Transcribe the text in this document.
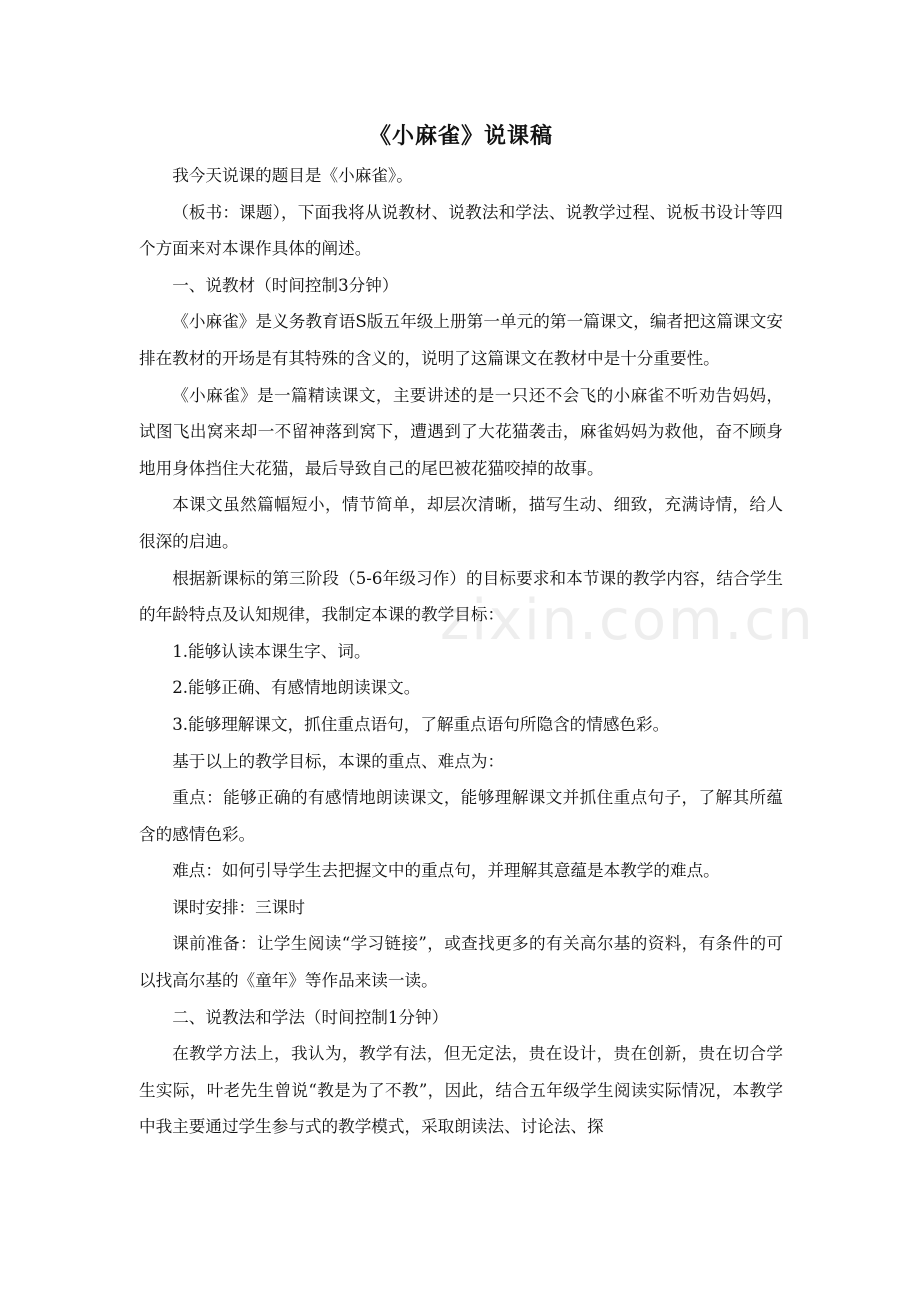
《小麻雀》说课稿

我今天说课的题目是《小麻雀》。

（板书：课题），下面我将从说教材、说教法和学法、说教学过程、说板书设计等四个方面来对本课作具体的阐述。

一、说教材（时间控制3分钟）

《小麻雀》是义务教育语S版五年级上册第一单元的第一篇课文，编者把这篇课文安排在教材的开场是有其特殊的含义的，说明了这篇课文在教材中是十分重要性。

《小麻雀》是一篇精读课文，主要讲述的是一只还不会飞的小麻雀不听劝告妈妈，试图飞出窝来却一不留神落到窝下，遭遇到了大花猫袭击，麻雀妈妈为救他，奋不顾身地用身体挡住大花猫，最后导致自己的尾巴被花猫咬掉的故事。

本课文虽然篇幅短小，情节简单，却层次清晰，描写生动、细致，充满诗情，给人很深的启迪。

根据新课标的第三阶段（5-6年级习作）的目标要求和本节课的教学内容，结合学生的年龄特点及认知规律，我制定本课的教学目标：

1.能够认读本课生字、词。

2.能够正确、有感情地朗读课文。

3.能够理解课文，抓住重点语句，了解重点语句所隐含的情感色彩。

基于以上的教学目标，本课的重点、难点为：

重点：能够正确的有感情地朗读课文，能够理解课文并抓住重点句子，了解其所蕴含的感情色彩。

难点：如何引导学生去把握文中的重点句，并理解其意蕴是本教学的难点。

课时安排：三课时

课前准备：让学生阅读“学习链接”，或查找更多的有关高尔基的资料，有条件的可以找高尔基的《童年》等作品来读一读。

二、说教法和学法（时间控制1分钟）

在教学方法上，我认为，教学有法，但无定法，贵在设计，贵在创新，贵在切合学生实际，叶老先生曾说“教是为了不教”，因此，结合五年级学生阅读实际情况，本教学中我主要通过学生参与式的教学模式，采取朗读法、讨论法、探

zixin.com.cn
